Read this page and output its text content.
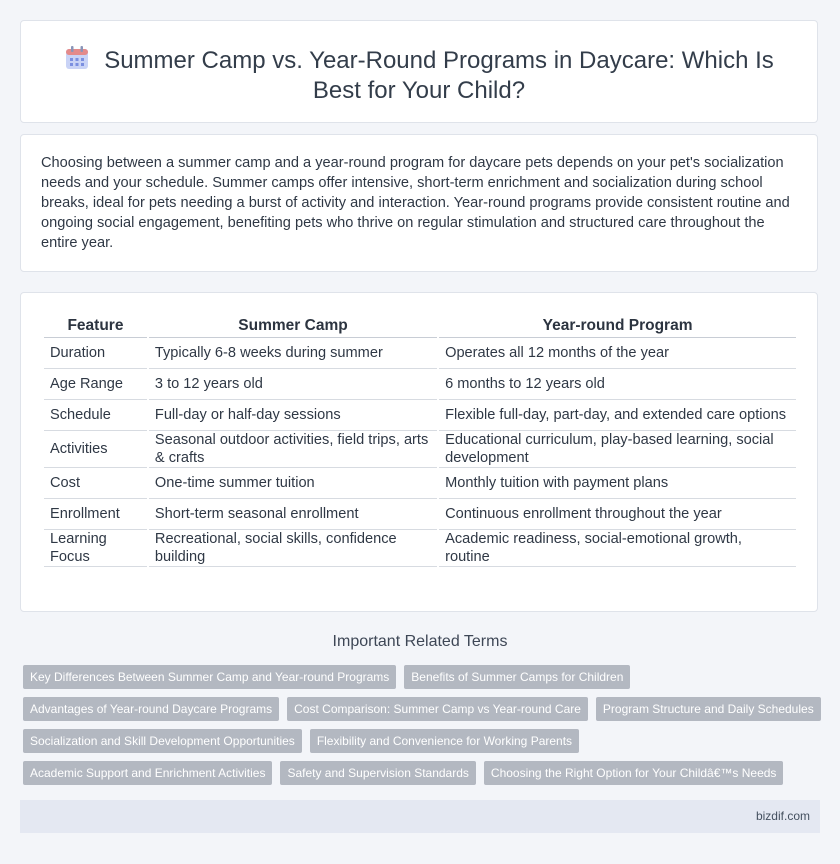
Summer Camp vs. Year-Round Programs in Daycare: Which Is Best for Your Child?

Choosing between a summer camp and a year-round program for daycare pets depends on your pet's socialization needs and your schedule. Summer camps offer intensive, short-term enrichment and socialization during school breaks, ideal for pets needing a burst of activity and interaction. Year-round programs provide consistent routine and ongoing social engagement, benefiting pets who thrive on regular stimulation and structured care throughout the entire year.

Feature	Summer Camp	Year-round Program
Duration	Typically 6-8 weeks during summer	Operates all 12 months of the year
Age Range	3 to 12 years old	6 months to 12 years old
Schedule	Full-day or half-day sessions	Flexible full-day, part-day, and extended care options
Activities	Seasonal outdoor activities, field trips, arts & crafts	Educational curriculum, play-based learning, social development
Cost	One-time summer tuition	Monthly tuition with payment plans
Enrollment	Short-term seasonal enrollment	Continuous enrollment throughout the year
Learning Focus	Recreational, social skills, confidence building	Academic readiness, social-emotional growth, routine
Important Related Terms
Key Differences Between Summer Camp and Year-round Programs	Benefits of Summer Camps for Children
Advantages of Year-round Daycare Programs	Cost Comparison: Summer Camp vs Year-round Care	Program Structure and Daily Schedules
Socialization and Skill Development Opportunities	Flexibility and Convenience for Working Parents
Academic Support and Enrichment Activities	Safety and Supervision Standards	Choosing the Right Option for Your Childâ€™s Needs
bizdif.com
